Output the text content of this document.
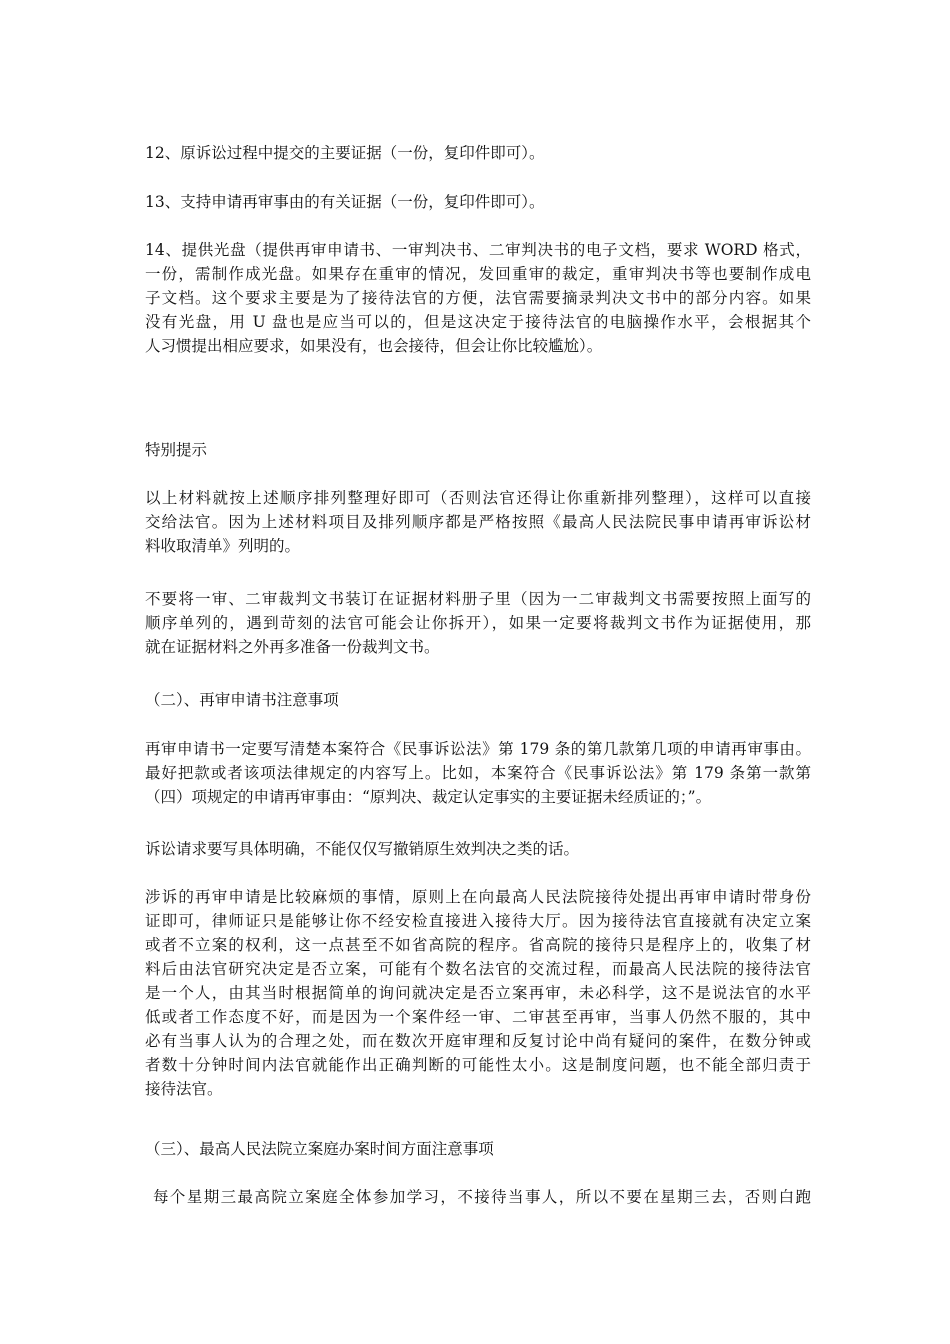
12、原诉讼过程中提交的主要证据（一份，复印件即可）。

13、支持申请再审事由的有关证据（一份，复印件即可）。

14、提供光盘（提供再审申请书、一审判决书、二审判决书的电子文档，要求 WORD 格式，
一份，需制作成光盘。如果存在重审的情况，发回重审的裁定，重审判决书等也要制作成电
子文档。这个要求主要是为了接待法官的方便，法官需要摘录判决文书中的部分内容。如果
没有光盘，用 U 盘也是应当可以的，但是这决定于接待法官的电脑操作水平，会根据其个
人习惯提出相应要求，如果没有，也会接待，但会让你比较尴尬）。

特别提示

以上材料就按上述顺序排列整理好即可（否则法官还得让你重新排列整理），这样可以直接
交给法官。因为上述材料项目及排列顺序都是严格按照《最高人民法院民事申请再审诉讼材
料收取清单》列明的。

不要将一审、二审裁判文书装订在证据材料册子里（因为一二审裁判文书需要按照上面写的
顺序单列的，遇到苛刻的法官可能会让你拆开），如果一定要将裁判文书作为证据使用，那
就在证据材料之外再多准备一份裁判文书。

（二）、再审申请书注意事项

再审申请书一定要写清楚本案符合《民事诉讼法》第 179 条的第几款第几项的申请再审事由。
最好把款或者该项法律规定的内容写上。比如，本案符合《民事诉讼法》第 179 条第一款第
（四）项规定的申请再审事由：“原判决、裁定认定事实的主要证据未经质证的；”。

诉讼请求要写具体明确，不能仅仅写撤销原生效判决之类的话。

涉诉的再审申请是比较麻烦的事情，原则上在向最高人民法院接待处提出再审申请时带身份
证即可，律师证只是能够让你不经安检直接进入接待大厅。因为接待法官直接就有决定立案
或者不立案的权利，这一点甚至不如省高院的程序。省高院的接待只是程序上的，收集了材
料后由法官研究决定是否立案，可能有个数名法官的交流过程，而最高人民法院的接待法官
是一个人，由其当时根据简单的询问就决定是否立案再审，未必科学，这不是说法官的水平
低或者工作态度不好，而是因为一个案件经一审、二审甚至再审，当事人仍然不服的，其中
必有当事人认为的合理之处，而在数次开庭审理和反复讨论中尚有疑问的案件，在数分钟或
者数十分钟时间内法官就能作出正确判断的可能性太小。这是制度问题，也不能全部归责于
接待法官。

（三）、最高人民法院立案庭办案时间方面注意事项

每个星期三最高院立案庭全体参加学习，不接待当事人，所以不要在星期三去，否则白跑
